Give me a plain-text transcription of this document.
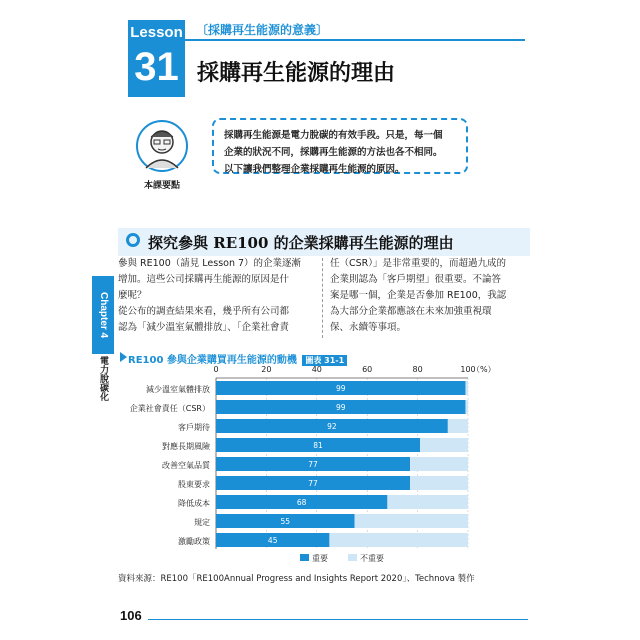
Lesson
31
〔採購再生能源的意義〕
採購再生能源的理由
本課要點
採購再生能源是電力脫碳的有效手段。只是，每一個
企業的狀況不同，採購再生能源的方法也各不相同。
以下讓我們整理企業採購再生能源的原因。
探究參與 RE100 的企業採購再生能源的理由
參與 RE100（請見 Lesson 7）的企業逐漸
增加。這些公司採購再生能源的原因是什
麼呢？
從公布的調查結果來看，幾乎所有公司都
認為「減少溫室氣體排放」、「企業社會責
任（CSR）」是非常重要的，而超過九成的
企業則認為「客戶期望」很重要。不論答
案是哪一個，企業是否參加 RE100，我認
為大部分企業都應該在未來加強重視環
保、永續等事項。
Chapter 4
電力脫碳化 RE100 參與企業購買再生能源的動機 圖表 31-1
0	20	40	60	80	100
（%）
減少溫室氣體排放	99
企業社會責任（CSR）	99
客戶期待	92
對應長期風險	81
改善空氣品質	77
股東要求	77
降低成本	68
規定	55
激勵政策	45
重要	不重要
資料來源：RE100「RE100Annual Progress and Insights Report 2020」、Technova 製作
106
